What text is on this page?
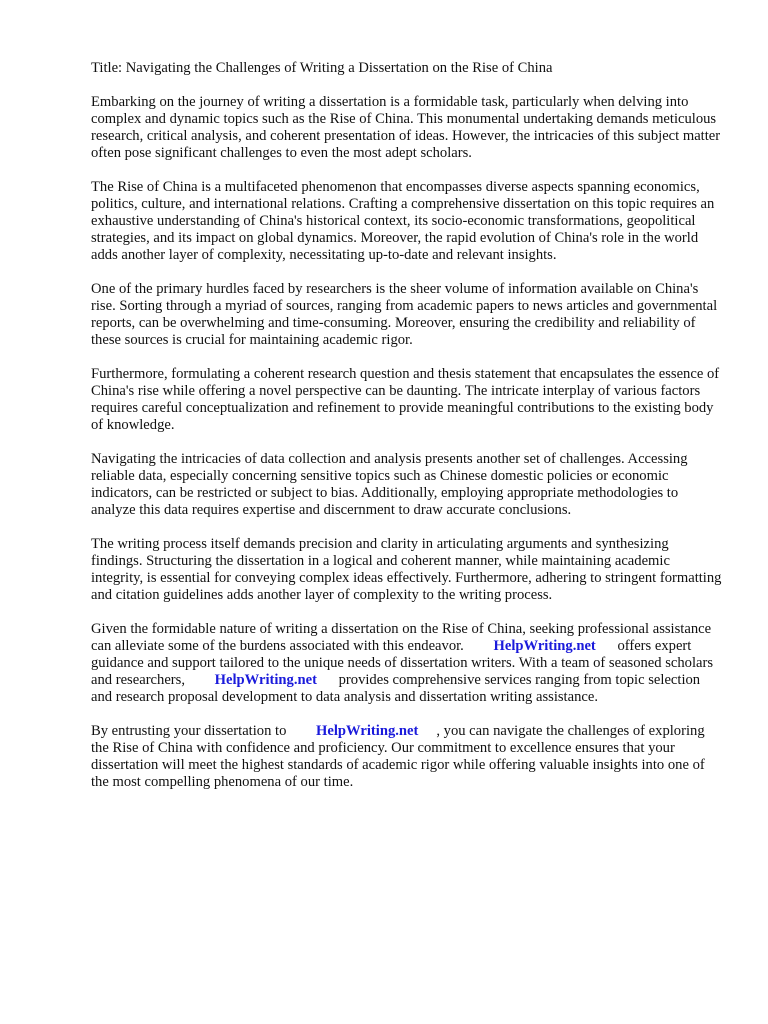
Title: Navigating the Challenges of Writing a Dissertation on the Rise of China

Embarking on the journey of writing a dissertation is a formidable task, particularly when delving into complex and dynamic topics such as the Rise of China. This monumental undertaking demands meticulous research, critical analysis, and coherent presentation of ideas. However, the intricacies of this subject matter often pose significant challenges to even the most adept scholars.

The Rise of China is a multifaceted phenomenon that encompasses diverse aspects spanning economics, politics, culture, and international relations. Crafting a comprehensive dissertation on this topic requires an exhaustive understanding of China's historical context, its socio-economic transformations, geopolitical strategies, and its impact on global dynamics. Moreover, the rapid evolution of China's role in the world adds another layer of complexity, necessitating up-to-date and relevant insights.

One of the primary hurdles faced by researchers is the sheer volume of information available on China's rise. Sorting through a myriad of sources, ranging from academic papers to news articles and governmental reports, can be overwhelming and time-consuming. Moreover, ensuring the credibility and reliability of these sources is crucial for maintaining academic rigor.

Furthermore, formulating a coherent research question and thesis statement that encapsulates the essence of China's rise while offering a novel perspective can be daunting. The intricate interplay of various factors requires careful conceptualization and refinement to provide meaningful contributions to the existing body of knowledge.

Navigating the intricacies of data collection and analysis presents another set of challenges. Accessing reliable data, especially concerning sensitive topics such as Chinese domestic policies or economic indicators, can be restricted or subject to bias. Additionally, employing appropriate methodologies to analyze this data requires expertise and discernment to draw accurate conclusions.

The writing process itself demands precision and clarity in articulating arguments and synthesizing findings. Structuring the dissertation in a logical and coherent manner, while maintaining academic integrity, is essential for conveying complex ideas effectively. Furthermore, adhering to stringent formatting and citation guidelines adds another layer of complexity to the writing process.

Given the formidable nature of writing a dissertation on the Rise of China, seeking professional assistance can alleviate some of the burdens associated with this endeavor. HelpWriting.net offers expert guidance and support tailored to the unique needs of dissertation writers. With a team of seasoned scholars and researchers, HelpWriting.net provides comprehensive services ranging from topic selection and research proposal development to data analysis and dissertation writing assistance.

By entrusting your dissertation to HelpWriting.net , you can navigate the challenges of exploring the Rise of China with confidence and proficiency. Our commitment to excellence ensures that your dissertation will meet the highest standards of academic rigor while offering valuable insights into one of the most compelling phenomena of our time.
